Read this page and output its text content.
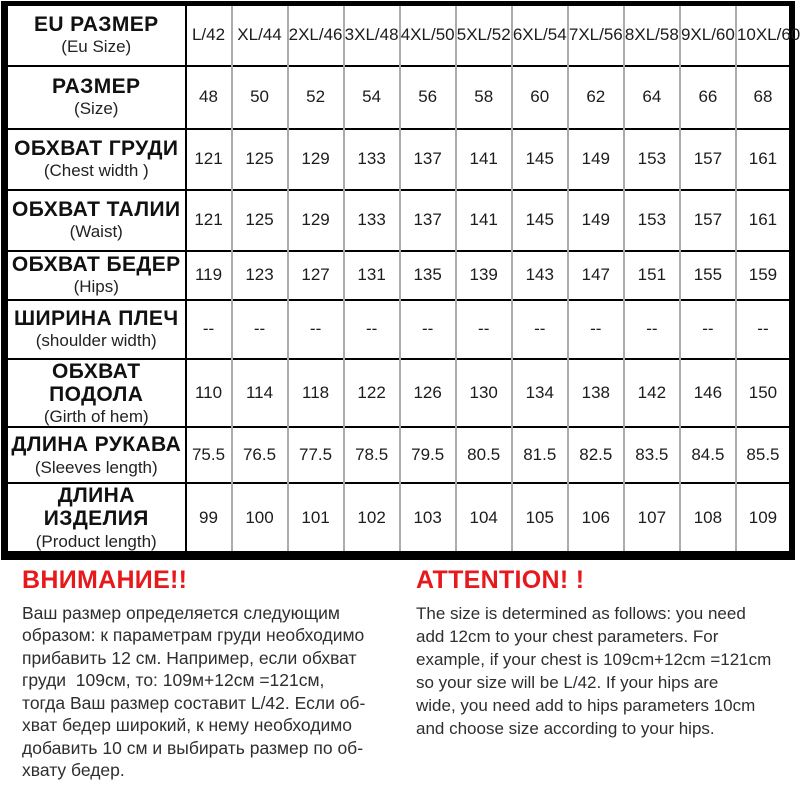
EU РАЗМЕР
(Eu Size)	L/42	XL/44	2XL/46	3XL/48	4XL/50	5XL/52	6XL/54	7XL/56	8XL/58	9XL/60	10XL/60

РАЗМЕР
(Size)	48	50	52	54	56	58	60	62	64	66	68

ОБХВАТ ГРУДИ
(Chest width )	121	125	129	133	137	141	145	149	153	157	161

ОБХВАТ ТАЛИИ
(Waist)	121	125	129	133	137	141	145	149	153	157	161

ОБХВАТ БЕДЕР
(Hips)	119	123	127	131	135	139	143	147	151	155	159

ШИРИНА ПЛЕЧ
(shoulder width)	--	--	--	--	--	--	--	--	--	--	--

ОБХВАТ ПОДОЛА
(Girth of hem)	110	114	118	122	126	130	134	138	142	146	150

ДЛИНА РУКАВА
(Sleeves length)	75.5	76.5	77.5	78.5	79.5	80.5	81.5	82.5	83.5	84.5	85.5

ДЛИНА ИЗДЕЛИЯ
(Product length)	99	100	101	102	103	104	105	106	107	108	109
ВНИМАНИЕ!!
Ваш размер определяется следующим
образом: к параметрам груди необходимо
прибавить 12 см. Например, если обхват
груди  109см, то: 109м+12см =121см,
тогда Ваш размер составит L/42. Если об-
хват бедер широкий, к нему необходимо
добавить 10 см и выбирать размер по об-
хвату бедер.
ATTENTION! !
The size is determined as follows: you need
add 12cm to your chest parameters. For
example, if your chest is 109cm+12cm =121cm
so your size will be L/42. If your hips are
wide, you need add to hips parameters 10cm
and choose size according to your hips.
